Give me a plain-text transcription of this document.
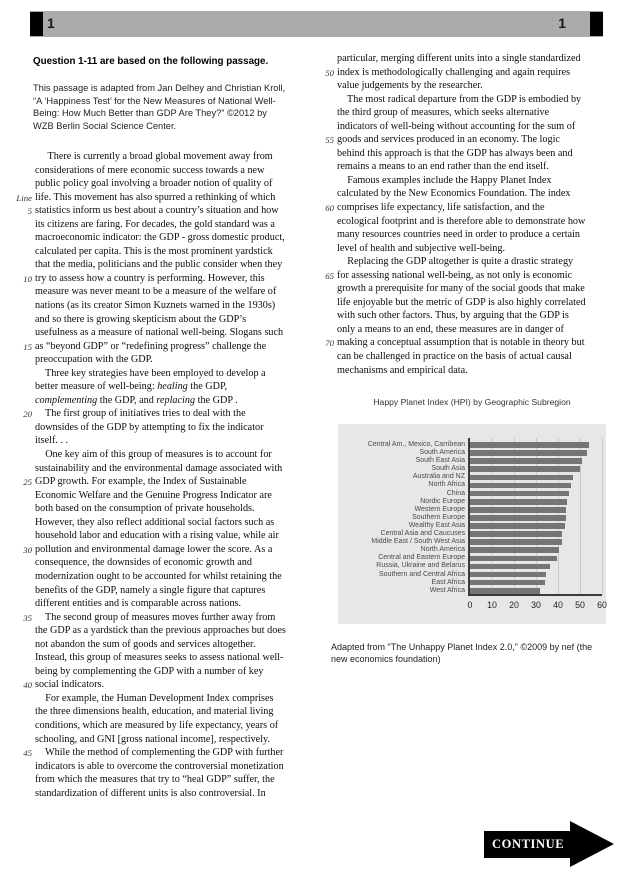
1	1
Question 1-11 are based on the following passage.
This passage is adapted from Jan Delhey and Christian Kroll,
“A ‘Happiness Test’ for the New Measures of National Well-
Being: How Much Better than GDP Are They?” ©2012 by
WZB Berlin Social Science Center.
There is currently a broad global movement away from
considerations of mere economic success towards a new
public policy goal involving a broader notion of quality of
Line life. This movement has also spurred a rethinking of which
5 statistics inform us best about a country’s situation and how
its citizens are faring. For decades, the gold standard was a
macroeconomic indicator: the GDP - gross domestic product,
calculated per capita. This is the most prominent yardstick
that the media, politicians and the public consider when they
10 try to assess how a country is performing. However, this
measure was never meant to be a measure of the welfare of
nations (as its creator Simon Kuznets warned in the 1930s)
and so there is growing skepticism about the GDP’s
usefulness as a measure of national well-being. Slogans such
15 as “beyond GDP” or “redefining progress” challenge the
preoccupation with the GDP.
Three key strategies have been employed to develop a
better measure of well-being: healing the GDP,
complementing the GDP, and replacing the GDP .
20 The first group of initiatives tries to deal with the
downsides of the GDP by attempting to fix the indicator
itself. . .
One key aim of this group of measures is to account for
sustainability and the environmental damage associated with
25 GDP growth. For example, the Index of Sustainable
Economic Welfare and the Genuine Progress Indicator are
both based on the consumption of private households.
However, they also reflect additional social factors such as
household labor and education with a rising value, while air
30 pollution and environmental damage lower the score. As a
consequence, the downsides of economic growth and
modernization ought to be accounted for whilst retaining the
benefits of the GDP, namely a single figure that captures
different entities and is comparable across nations.
35 The second group of measures moves further away from
the GDP as a yardstick than the previous approaches but does
not abandon the sum of goods and services altogether.
Instead, this group of measures seeks to assess national well-
being by complementing the GDP with a number of key
40 social indicators.
For example, the Human Development Index comprises
the three dimensions health, education, and material living
conditions, which are measured by life expectancy, years of
schooling, and GNI [gross national income], respectively.
45 While the method of complementing the GDP with further
indicators is able to overcome the controversial monetization
from which the measures that try to “heal GDP” suffer, the
standardization of different units is also controversial. In
particular, merging different units into a single standardized
50 index is methodologically challenging and again requires
value judgements by the researcher.
The most radical departure from the GDP is embodied by
the third group of measures, which seeks alternative
indicators of well-being without accounting for the sum of
55 goods and services produced in an economy. The logic
behind this approach is that the GDP has always been and
remains a means to an end rather than the end itself.
Famous examples include the Happy Planet Index
calculated by the New Economics Foundation. The index
60 comprises life expectancy, life satisfaction, and the
ecological footprint and is therefore able to demonstrate how
many resources countries need in order to produce a certain
level of health and subjective well-being.
Replacing the GDP altogether is quite a drastic strategy
65 for assessing national well-being, as not only is economic
growth a prerequisite for many of the social goods that make
life enjoyable but the metric of GDP is also highly correlated
with such other factors. Thus, by arguing that the GDP is
only a means to an end, these measures are in danger of
70 making a conceptual assumption that is notable in theory but
can be challenged in practice on the basis of actual causal
mechanisms and empirical data.
Happy Planet Index (HPI) by Geographic Subregion
Central Am., Mexico, Carribean
South America
South East Asia
South Asia
Australia and NZ
North Africa
China
Nordic Europe
Western Europe
Southern Europe
Wealthy East Asia
Central Asia and Caucuses
Middle East / South West Asia
North America
Central and Eastern Europe
Russia, Ukraine and Belarus
Southern and Central Africa
East Africa
West Africa
0 10 20 30 40 50 60
Adapted from "The Unhappy Planet Index 2.0," ©2009 by nef (the
new economics foundation)
CONTINUE
